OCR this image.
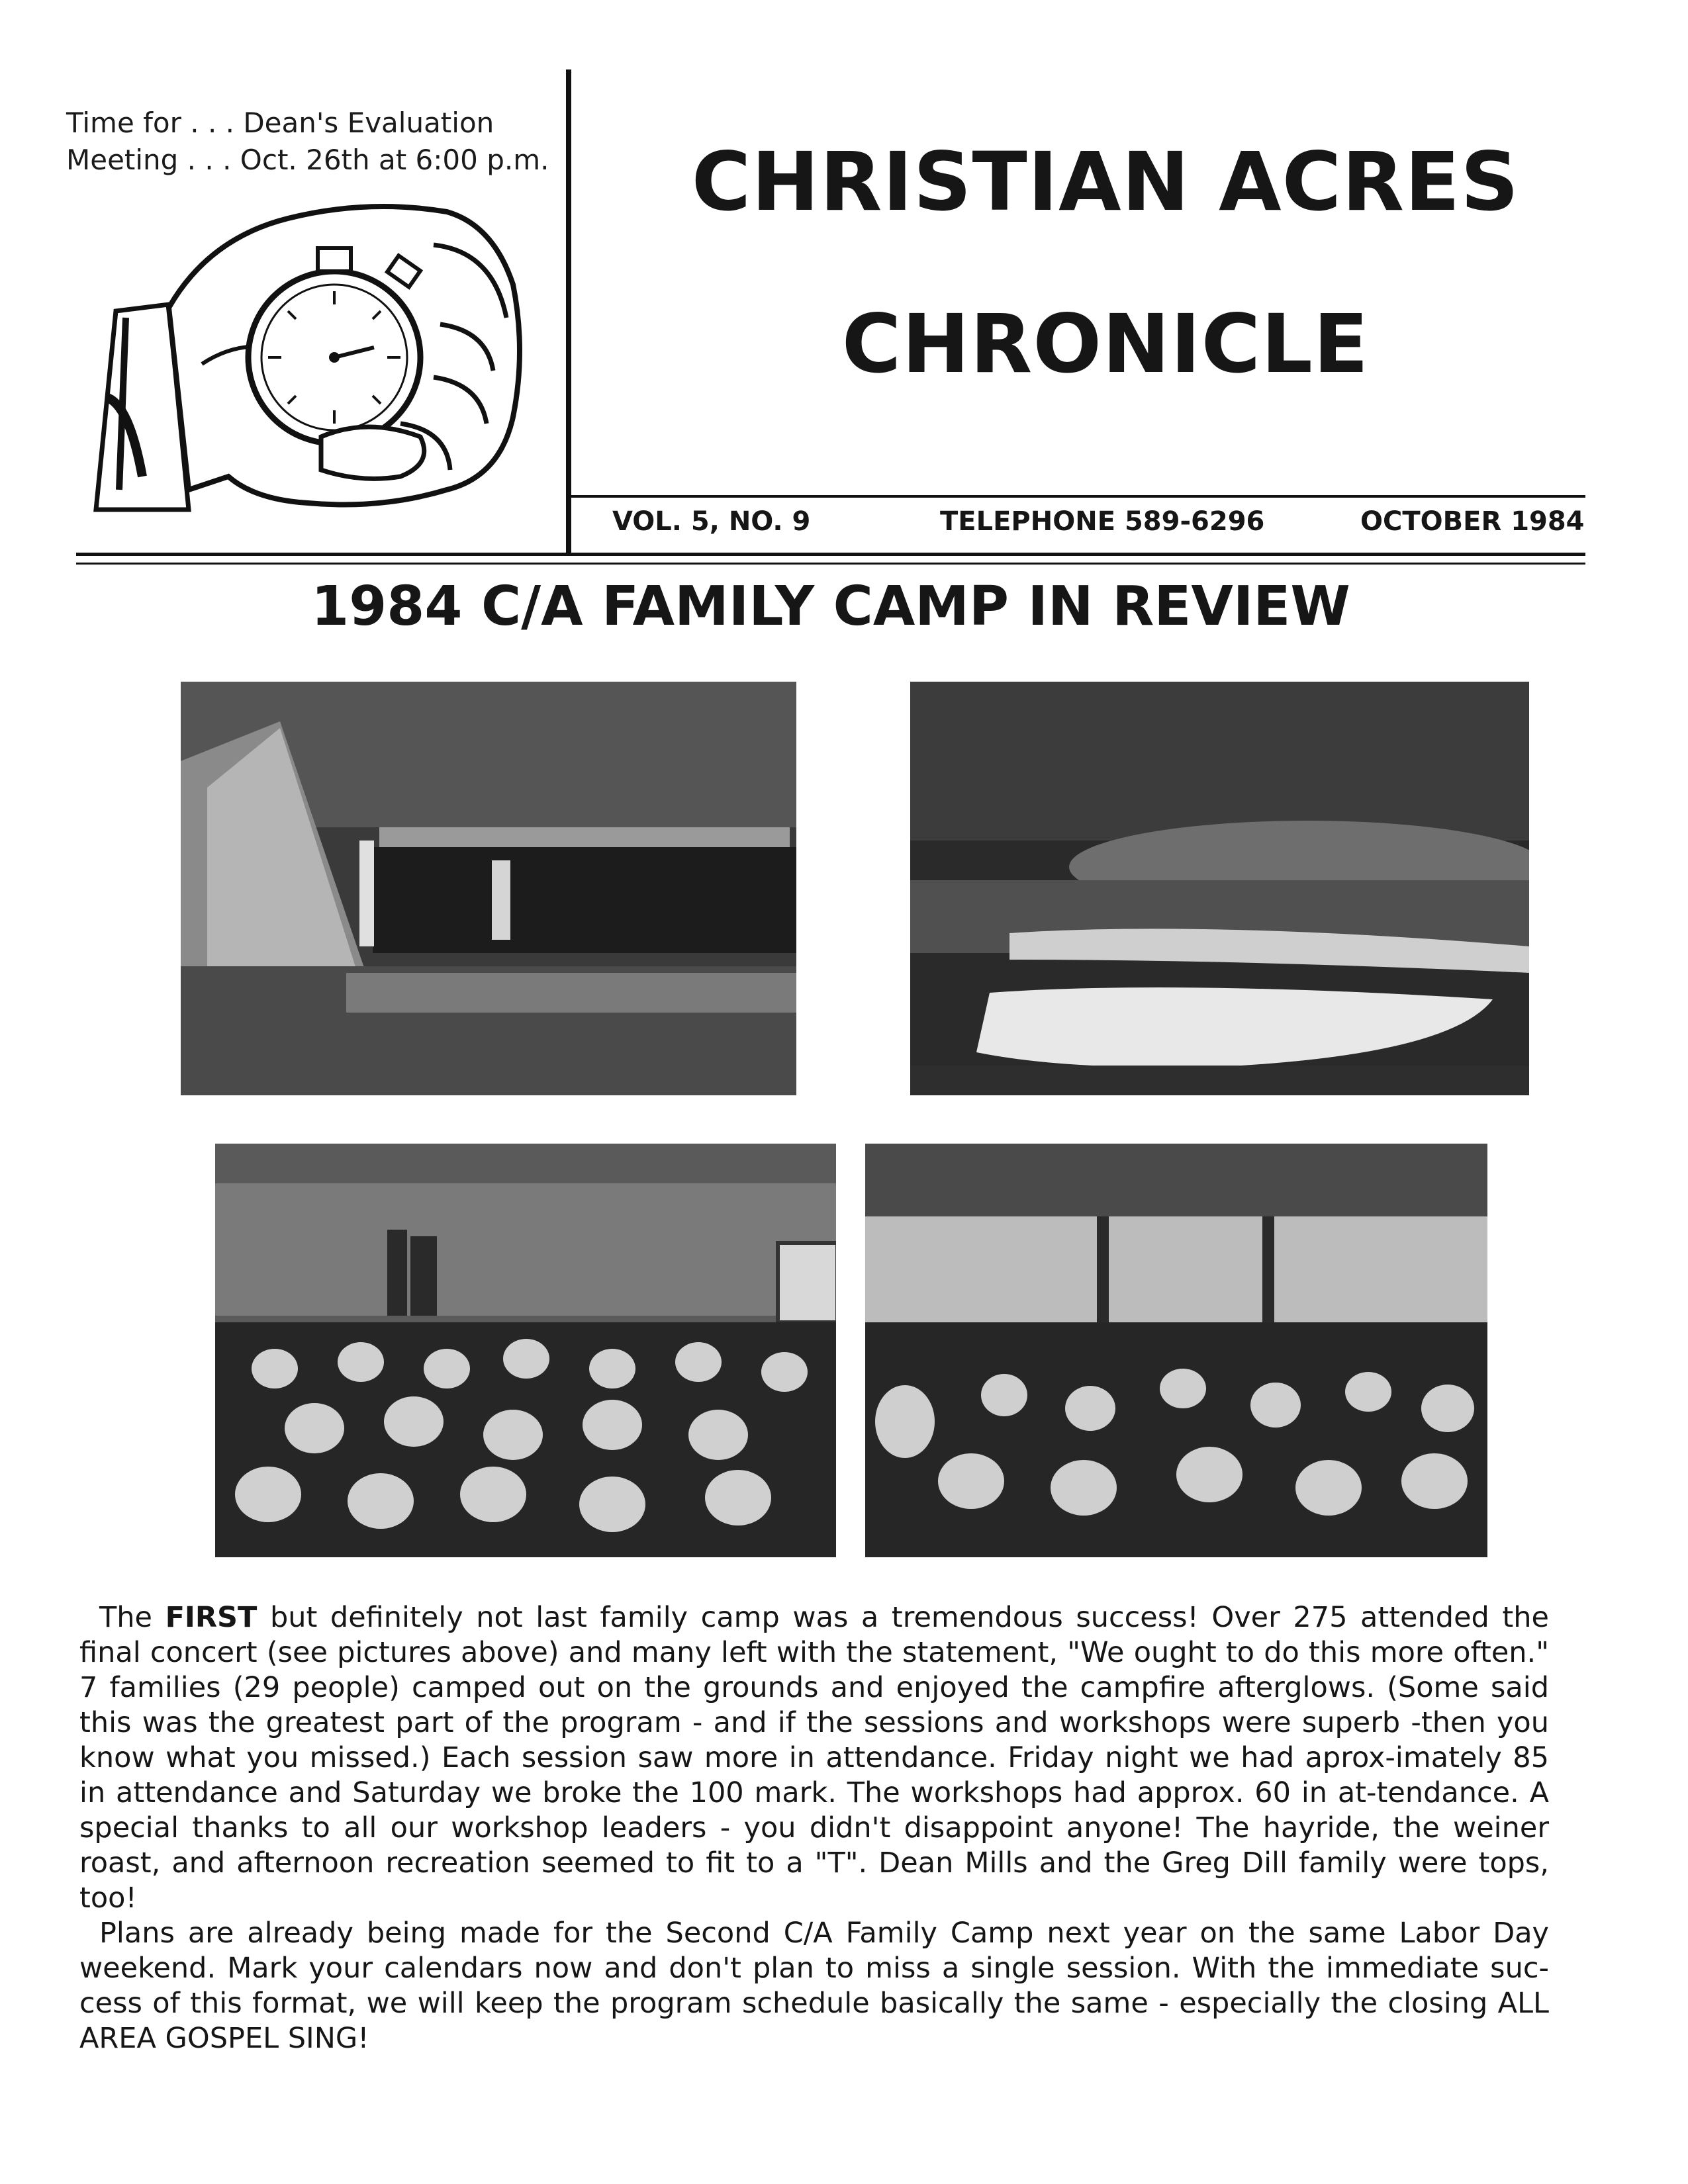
Time for . . . Dean's Evaluation
Meeting . . . Oct. 26th at 6:00 p.m.	CHRISTIAN ACRES
CHRONICLE
VOL. 5, NO. 9	TELEPHONE 589-6296	OCTOBER 1984
1984 C/A FAMILY CAMP IN REVIEW

The FIRST but definitely not last family camp was a tremendous success! Over 275 attended the final concert (see pictures above) and many left with the statement, "We ought to do this more often." 7 families (29 people) camped out on the grounds and enjoyed the campfire afterglows. (Some said this was the greatest part of the program - and if the sessions and workshops were superb -then you know what you missed.) Each session saw more in attendance. Friday night we had aprox-imately 85 in attendance and Saturday we broke the 100 mark. The workshops had approx. 60 in at-tendance. A special thanks to all our workshop leaders - you didn't disappoint anyone! The hayride, the weiner roast, and afternoon recreation seemed to fit to a "T". Dean Mills and the Greg Dill family were tops, too!

Plans are already being made for the Second C/A Family Camp next year on the same Labor Day weekend. Mark your calendars now and don't plan to miss a single session. With the immediate suc-cess of this format, we will keep the program schedule basically the same - especially the closing ALL AREA GOSPEL SING!
